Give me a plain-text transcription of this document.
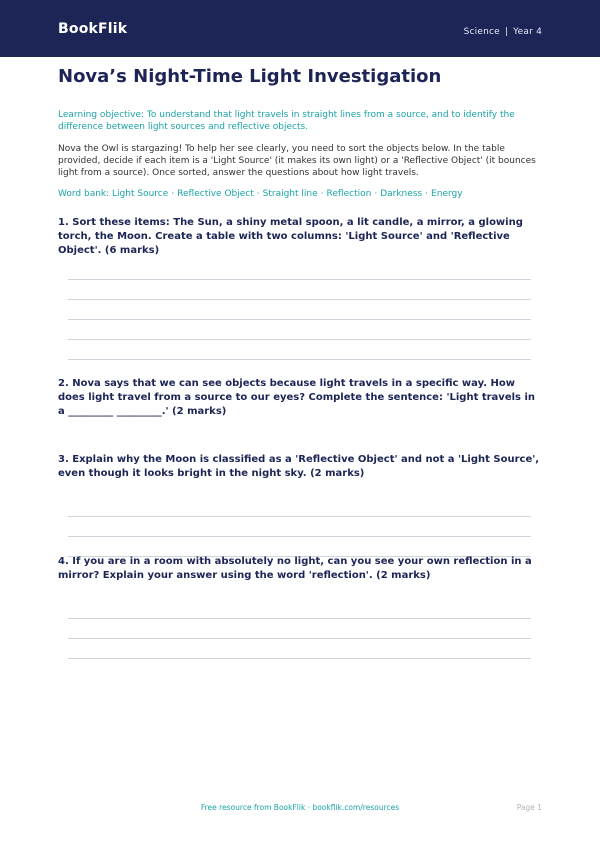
BookFlik	Science | Year 4
Nova’s Night-Time Light Investigation

Learning objective: To understand that light travels in straight lines from a source, and to identify the difference between light sources and reflective objects.

Nova the Owl is stargazing! To help her see clearly, you need to sort the objects below. In the table provided, decide if each item is a 'Light Source' (it makes its own light) or a 'Reflective Object' (it bounces light from a source). Once sorted, answer the questions about how light travels.

Word bank: Light Source · Reflective Object · Straight line · Reflection · Darkness · Energy

1. Sort these items: The Sun, a shiny metal spoon, a lit candle, a mirror, a glowing torch, the Moon. Create a table with two columns: 'Light Source' and 'Reflective Object'. (6 marks)
2. Nova says that we can see objects because light travels in a specific way. How does light travel from a source to our eyes? Complete the sentence: 'Light travels in a _________ _________.' (2 marks)
3. Explain why the Moon is classified as a 'Reflective Object' and not a 'Light Source', even though it looks bright in the night sky. (2 marks)
4. If you are in a room with absolutely no light, can you see your own reflection in a mirror? Explain your answer using the word 'reflection'. (2 marks)
Free resource from BookFlik · bookflik.com/resources	Page 1
